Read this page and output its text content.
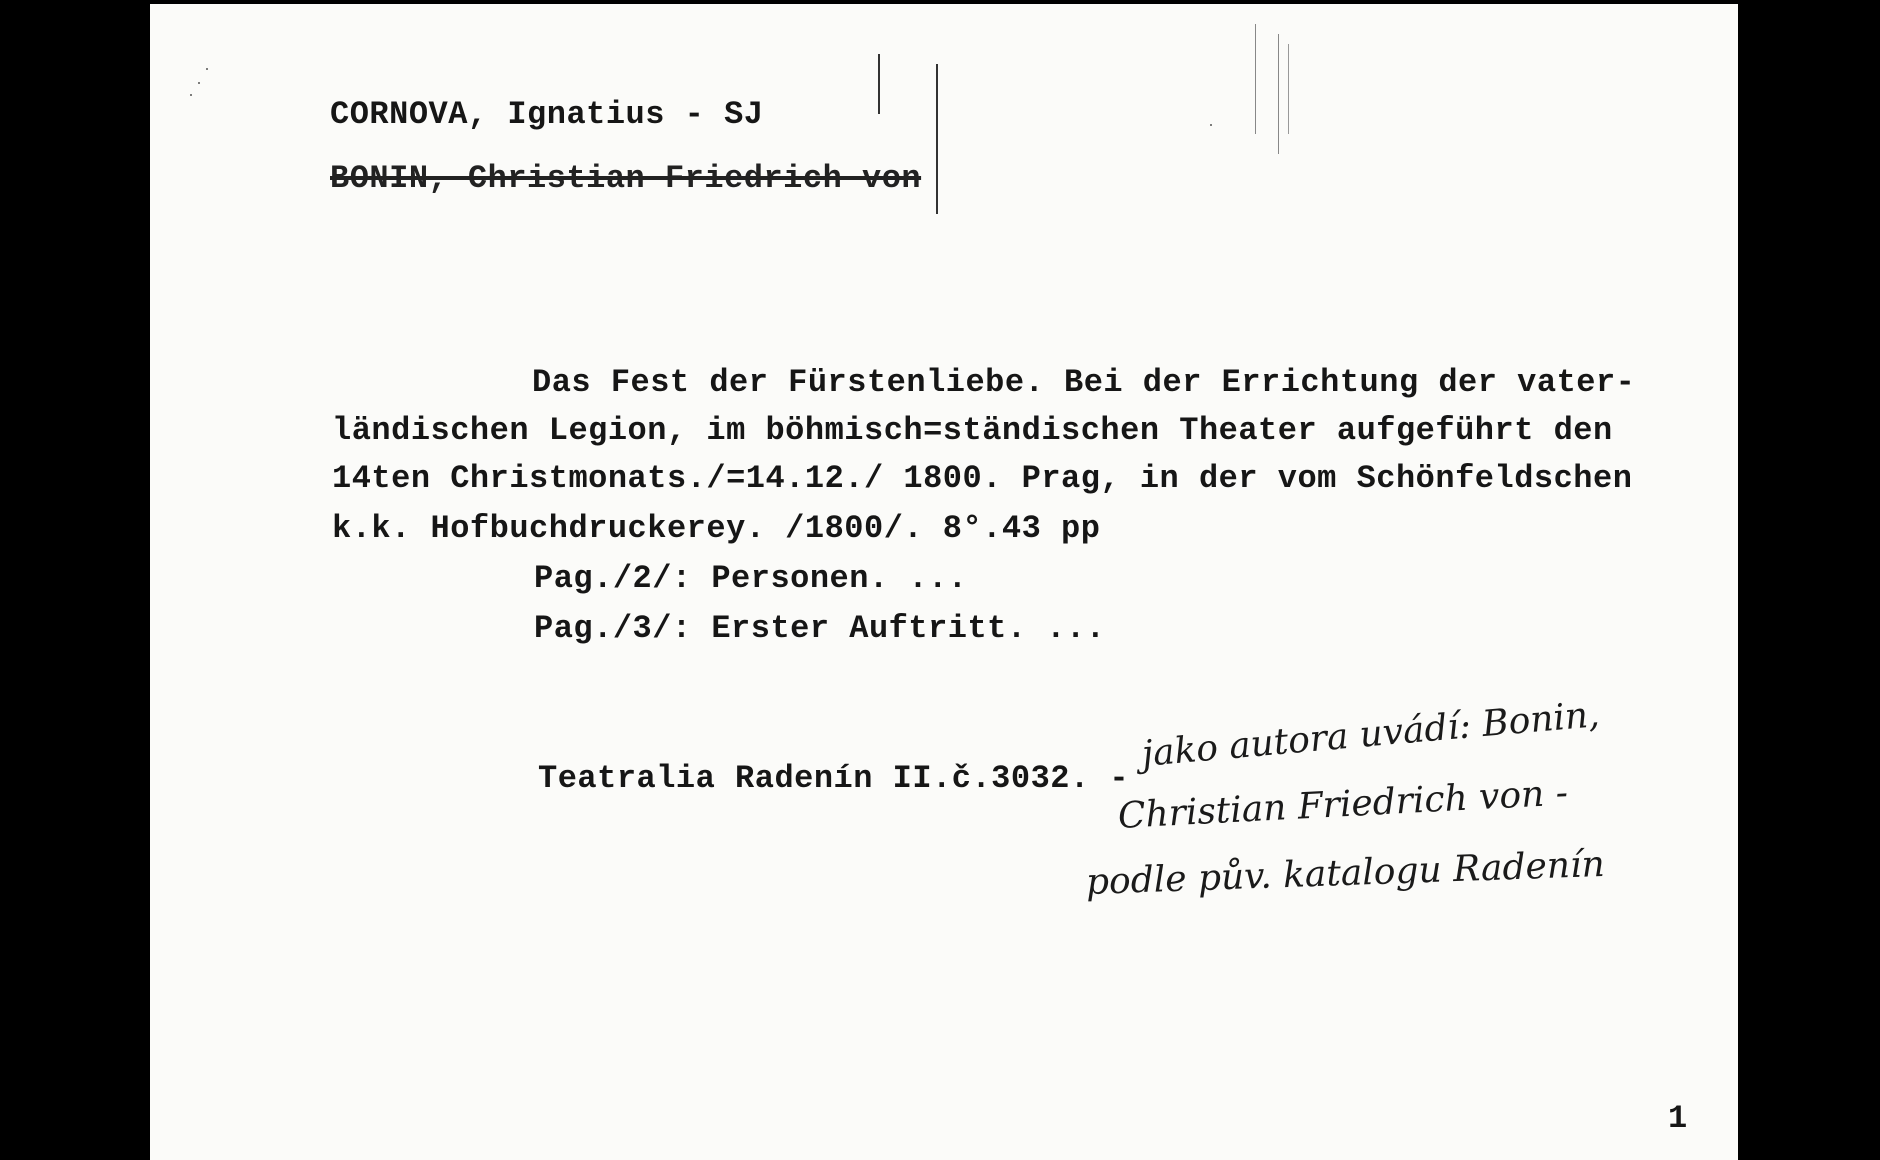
CORNOVA, Ignatius - SJ
BONIN, Christian Friedrich von
Das Fest der Fürstenliebe. Bei der Errichtung der vater-
ländischen Legion, im böhmisch=ständischen Theater aufgeführt den
14ten Christmonats./=14.12./ 1800. Prag, in der vom Schönfeldschen
k.k. Hofbuchdruckerey. /1800/. 8°.43 pp
Pag./2/: Personen. ...
Pag./3/: Erster Auftritt. ...
Teatralia Radenín II.č.3032. -
jako autora uvádí: Bonin,
Christian Friedrich von -
podle pův. katalogu Radenín
1
